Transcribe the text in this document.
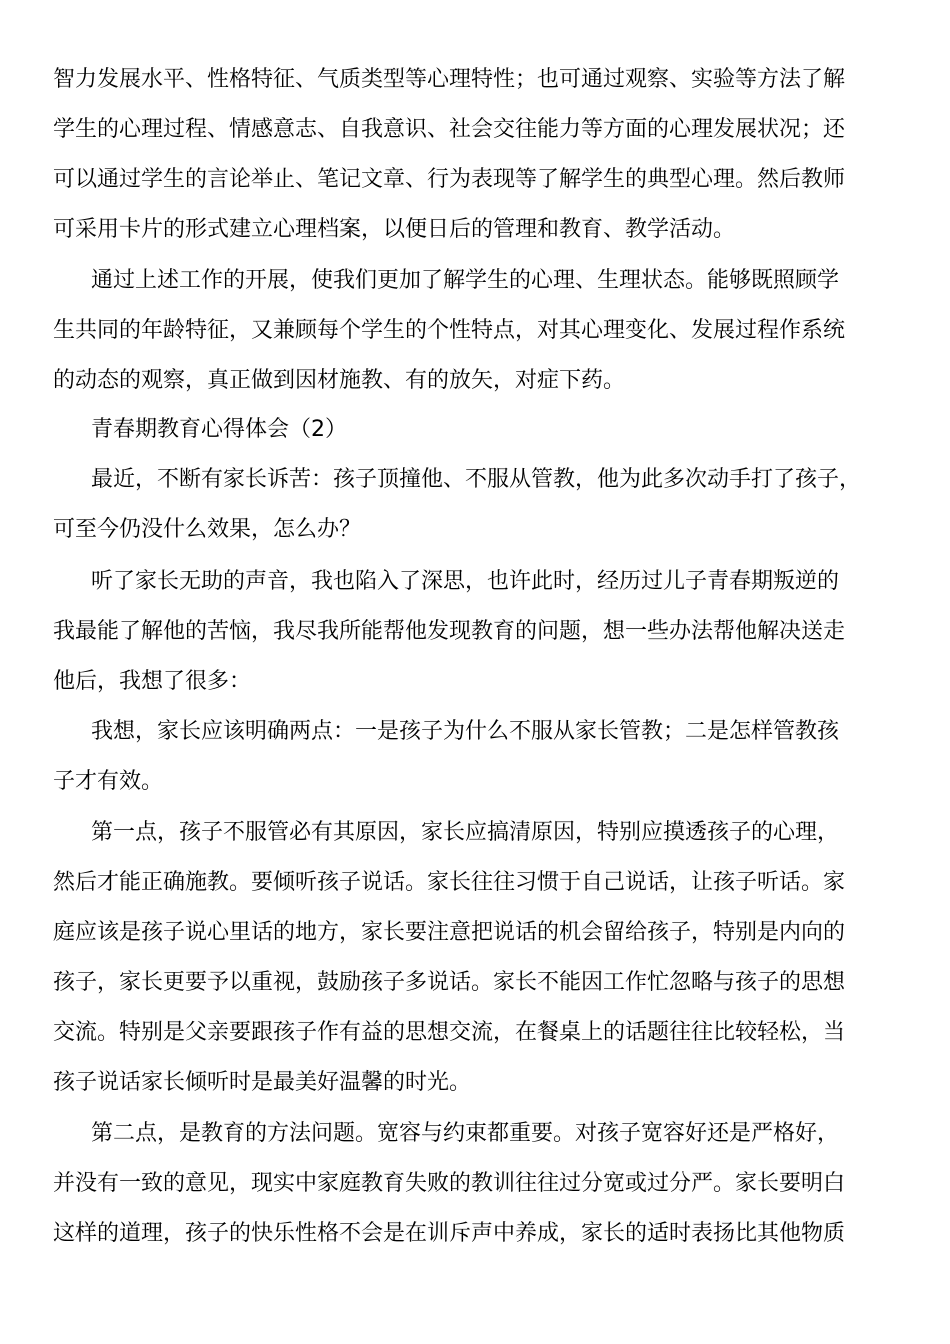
智力发展水平、性格特征、气质类型等心理特性；也可通过观察、实验等方法了解
学生的心理过程、情感意志、自我意识、社会交往能力等方面的心理发展状况；还
可以通过学生的言论举止、笔记文章、行为表现等了解学生的典型心理。然后教师
可采用卡片的形式建立心理档案，以便日后的管理和教育、教学活动。
通过上述工作的开展，使我们更加了解学生的心理、生理状态。能够既照顾学
生共同的年龄特征，又兼顾每个学生的个性特点，对其心理变化、发展过程作系统
的动态的观察，真正做到因材施教、有的放矢，对症下药。
青春期教育心得体会（2）
最近，不断有家长诉苦：孩子顶撞他、不服从管教，他为此多次动手打了孩子，
可至今仍没什么效果，怎么办？
听了家长无助的声音，我也陷入了深思，也许此时，经历过儿子青春期叛逆的
我最能了解他的苦恼，我尽我所能帮他发现教育的问题，想一些办法帮他解决送走
他后，我想了很多：
我想，家长应该明确两点：一是孩子为什么不服从家长管教；二是怎样管教孩
子才有效。
第一点，孩子不服管必有其原因，家长应搞清原因，特别应摸透孩子的心理，
然后才能正确施教。要倾听孩子说话。家长往往习惯于自己说话，让孩子听话。家
庭应该是孩子说心里话的地方，家长要注意把说话的机会留给孩子，特别是内向的
孩子，家长更要予以重视，鼓励孩子多说话。家长不能因工作忙忽略与孩子的思想
交流。特别是父亲要跟孩子作有益的思想交流，在餐桌上的话题往往比较轻松，当
孩子说话家长倾听时是最美好温馨的时光。
第二点，是教育的方法问题。宽容与约束都重要。对孩子宽容好还是严格好，
并没有一致的意见，现实中家庭教育失败的教训往往过分宽或过分严。家长要明白
这样的道理，孩子的快乐性格不会是在训斥声中养成，家长的适时表扬比其他物质
